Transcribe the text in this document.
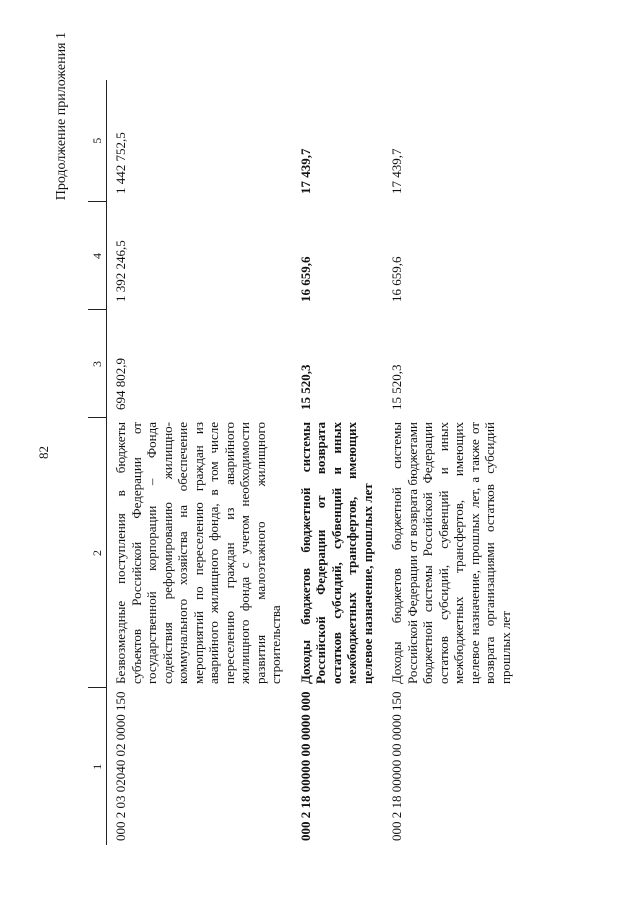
82
Продолжение приложения 1
1	2	3	4	5
000 2 03 02040 02 0000 150	Безвозмездные поступления в бюджеты субъектов Российской Федерации от государственной корпорации – Фонда содействия реформированию жилищно-коммунального хозяйства на обеспечение мероприятий по переселению граждан из аварийного жилищного фонда, в том числе переселению граждан из аварийного жилищного фонда с учетом необходимости развития малоэтажного жилищного строительства	694 802,9	1 392 246,5	1 442 752,5
000 2 18 00000 00 0000 000	Доходы бюджетов бюджетной системы Российской Федерации от возврата остатков субсидий, субвенций и иных межбюджетных трансфертов, имеющих целевое назначение, прошлых лет	15 520,3	16 659,6	17 439,7
000 2 18 00000 00 0000 150	Доходы бюджетов бюджетной системы Российской Федерации от возврата бюджетами бюджетной системы Российской Федерации остатков субсидий, субвенций и иных межбюджетных трансфертов, имеющих целевое назначение, прошлых лет, а также от возврата организациями остатков субсидий прошлых лет	15 520,3	16 659,6	17 439,7
